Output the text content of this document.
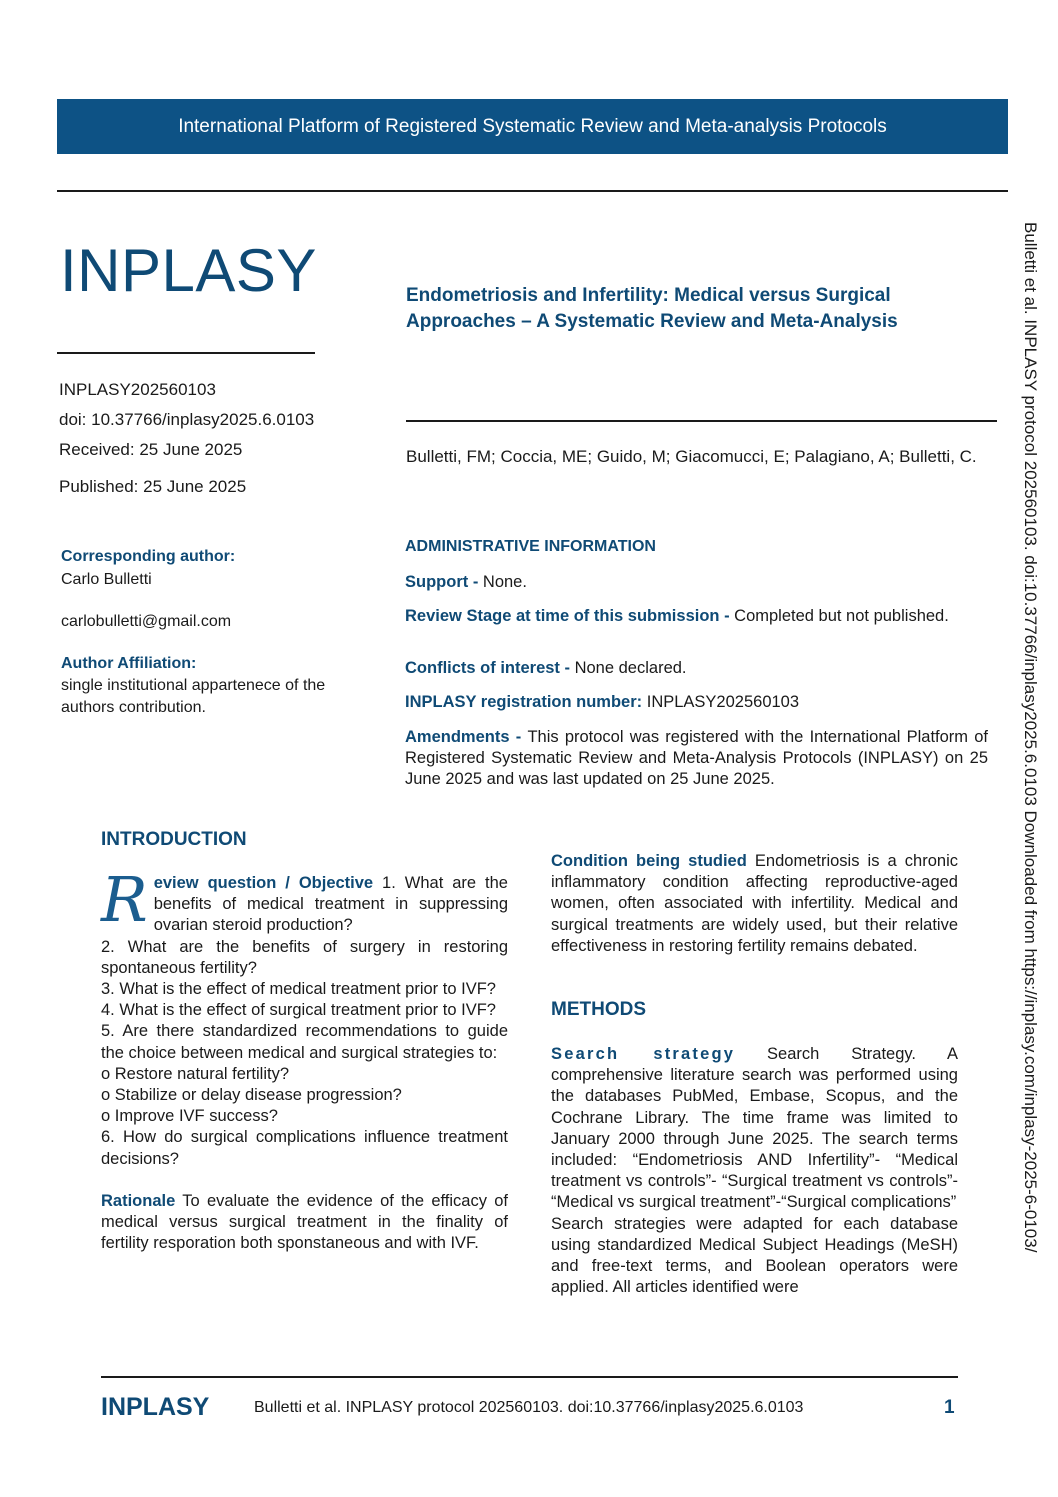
International Platform of Registered Systematic Review and Meta-analysis Protocols
INPLASY	Endometriosis and Infertility: Medical versus Surgical Approaches – A Systematic Review and Meta-Analysis
INPLASY202560103
doi: 10.37766/inplasy2025.6.0103
Received: 25 June 2025
Published: 25 June 2025
Bulletti, FM; Coccia, ME; Guido, M; Giacomucci, E; Palagiano, A; Bulletti, C.
Corresponding author:
Carlo Bulletti
carlobulletti@gmail.com
Author Affiliation:
single institutional appartenece of the authors contribution.
ADMINISTRATIVE INFORMATION
Support - None.
Review Stage at time of this submission - Completed but not published.
Conflicts of interest - None declared.
INPLASY registration number: INPLASY202560103
Amendments - This protocol was registered with the International Platform of Registered Systematic Review and Meta-Analysis Protocols (INPLASY) on 25 June 2025 and was last updated on 25 June 2025.
INTRODUCTION
R eview question / Objective 1. What are the benefits of medical treatment in suppressing ovarian steroid production?
2. What are the benefits of surgery in restoring spontaneous fertility?
3. What is the effect of medical treatment prior to IVF?
4. What is the effect of surgical treatment prior to IVF?
5. Are there standardized recommendations to guide the choice between medical and surgical strategies to:
o Restore natural fertility?
o Stabilize or delay disease progression?
o Improve IVF success?
6. How do surgical complications influence treatment decisions?
Rationale To evaluate the evidence of the efficacy of medical versus surgical treatment in the finality of fertility resporation both sponstaneous and with IVF.
Condition being studied Endometriosis is a chronic inflammatory condition affecting reproductive-aged women, often associated with infertility. Medical and surgical treatments are widely used, but their relative effectiveness in restoring fertility remains debated.
METHODS
Search strategy Search Strategy. A comprehensive literature search was performed using the databases PubMed, Embase, Scopus, and the Cochrane Library. The time frame was limited to January 2000 through June 2025. The search terms included: “Endometriosis AND Infertility”- “Medical treatment vs controls”- “Surgical treatment vs controls”- “Medical vs surgical treatment”-“Surgical complications”
Search strategies were adapted for each database using standardized Medical Subject Headings (MeSH) and free-text terms, and Boolean operators were applied. All articles identified were
Bulletti et al. INPLASY protocol 202560103. doi:10.37766/inplasy2025.6.0103 Downloaded from https://inplasy.com/inplasy-2025-6-0103/
INPLASY	Bulletti et al. INPLASY protocol 202560103. doi:10.37766/inplasy2025.6.0103	1
